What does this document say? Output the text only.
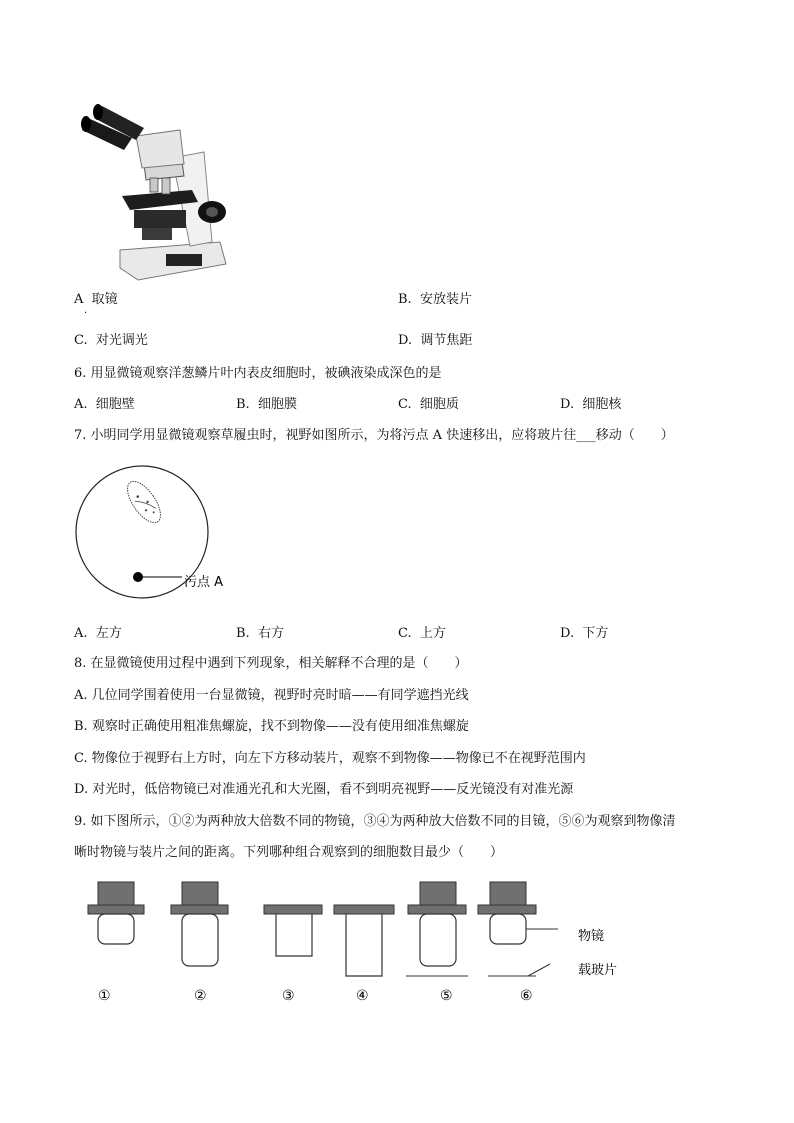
A 取镜
·
B. 安放装片
C. 对光调光	D. 调节焦距
6. 用显微镜观察洋葱鳞片叶内表皮细胞时，被碘液染成深色的是
A. 细胞壁	B. 细胞膜	C. 细胞质	D. 细胞核
7. 小明同学用显微镜观察草履虫时，视野如图所示，为将污点 A 快速移出，应将玻片往___移动（　　）
污点 A
A. 左方	B. 右方	C. 上方	D. 下方
8. 在显微镜使用过程中遇到下列现象，相关解释不合理的是（　　）
A. 几位同学围着使用一台显微镜，视野时亮时暗——有同学遮挡光线
B. 观察时正确使用粗准焦螺旋，找不到物像——没有使用细准焦螺旋
C. 物像位于视野右上方时，向左下方移动装片，观察不到物像——物像已不在视野范围内
D. 对光时，低倍物镜已对准通光孔和大光圈，看不到明亮视野——反光镜没有对准光源
9. 如下图所示，①②为两种放大倍数不同的物镜，③④为两种放大倍数不同的目镜，⑤⑥为观察到物像清
晰时物镜与装片之间的距离。下列哪种组合观察到的细胞数目最少（　　）
物镜
载玻片
①	②	③	④	⑤	⑥
